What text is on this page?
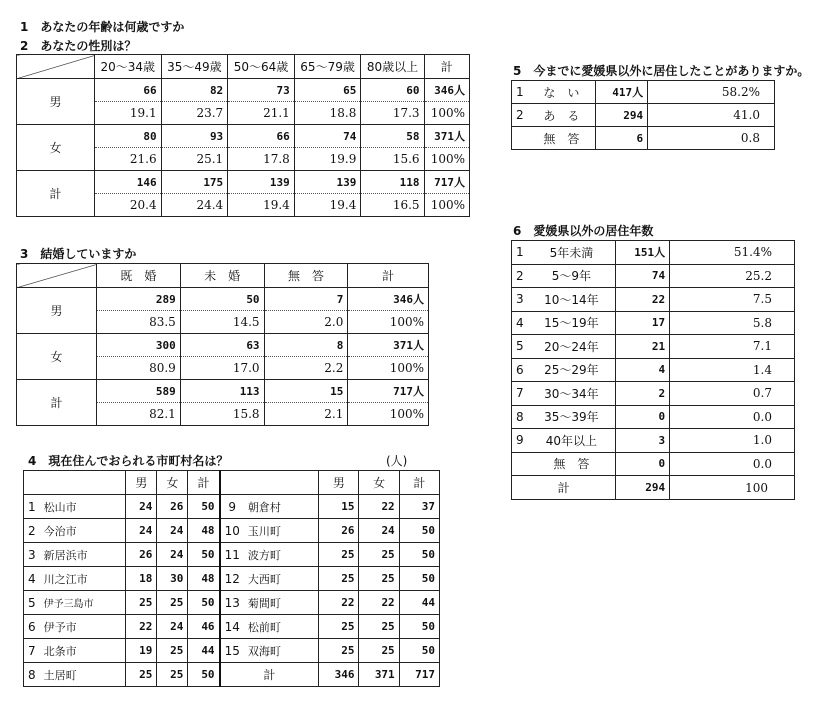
1　あなたの年齢は何歳ですか
2　あなたの性別は？
3　結婚していますか
4　現在住んでおられる市町村名は？	(人)
5　今までに愛媛県以外に居住したことがありますか。
6　愛媛県以外の居住年数
	20～34歳	35～49歳	50～64歳	65～79歳	80歳以上	計
男	66	82	73	65	60	346人
	19.1	23.7	21.1	18.8	17.3	100%
女	80	93	66	74	58	371人
	21.6	25.1	17.8	19.9	15.6	100%
計	146	175	139	139	118	717人
	20.4	24.4	19.4	19.4	16.5	100%
	既　婚	未　婚	無　答	計
男	289	50	7	346人
	83.5	14.5	2.0	100%
女	300	63	8	371人
	80.9	17.0	2.2	100%
計	589	113	15	717人
	82.1	15.8	2.1	100%
		男	女	計			男	女	計
1	松山市	24	26	50	9	朝倉村	15	22	37
2	今治市	24	24	48	10	玉川町	26	24	50
3	新居浜市	26	24	50	11	波方町	25	25	50
4	川之江市	18	30	48	12	大西町	25	25	50
5	伊予三島市	25	25	50	13	菊間町	22	22	44
6	伊予市	22	24	46	14	松前町	25	25	50
7	北条市	19	25	44	15	双海町	25	25	50
8	土居町	25	25	50	計		346	371	717
1	な　い	417人	58.2%
2	あ　る	294	41.0
	無　答	6	0.8
1	5年未満	151人	51.4%
2	5～9年	74	25.2
3	10～14年	22	7.5
4	15～19年	17	5.8
5	20～24年	21	7.1
6	25～29年	4	1.4
7	30～34年	2	0.7
8	35～39年	0	0.0
9	40年以上	3	1.0
	無　答	0	0.0
計		294	100
